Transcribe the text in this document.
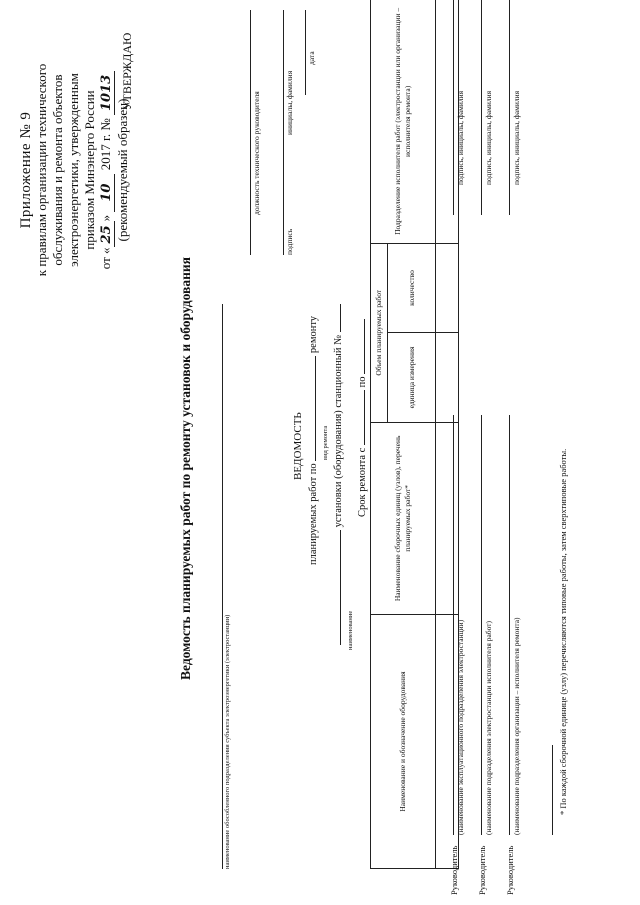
Приложение № 9 к правилам организации технического обслуживания и ремонта объектов электроэнергетики, утвержденным приказом Минэнерго России
от «25» 10 2017 г. № 1013
(рекомендуемый образец)
УТВЕРЖДАЮ
должность технического руководителя
подпись
инициалы, фамилия
дата
Ведомость планируемых работ по ремонту установок и оборудования
наименование обособленного подразделения субъекта электроэнергетики (электростанции)
ВЕДОМОСТЬ
планируемых работ по  ремонту
вид ремонта установки (оборудования) станционный №
наименование
Срок ремонта с  по
Наименование и обозначение оборудования	Наименование сборочных единиц (узлов), перечень планируемых работ*	Объем планируемых работ		Подразделение исполнителя работ (электростанции или организации – исполнителя ремонта)
		единица измерения	количество	

Руководитель
(наименование эксплуатационного подразделения электростанции)
подпись, инициалы, фамилия
Руководитель
(наименование подразделения электростанции исполнителя работ)
подпись, инициалы, фамилия
Руководитель
(наименование подразделения организации – исполнителя ремонта)
подпись, инициалы, фамилия
* По каждой сборочной единице (узлу) перечисляются типовые работы, затем сверхтиповые работы.
